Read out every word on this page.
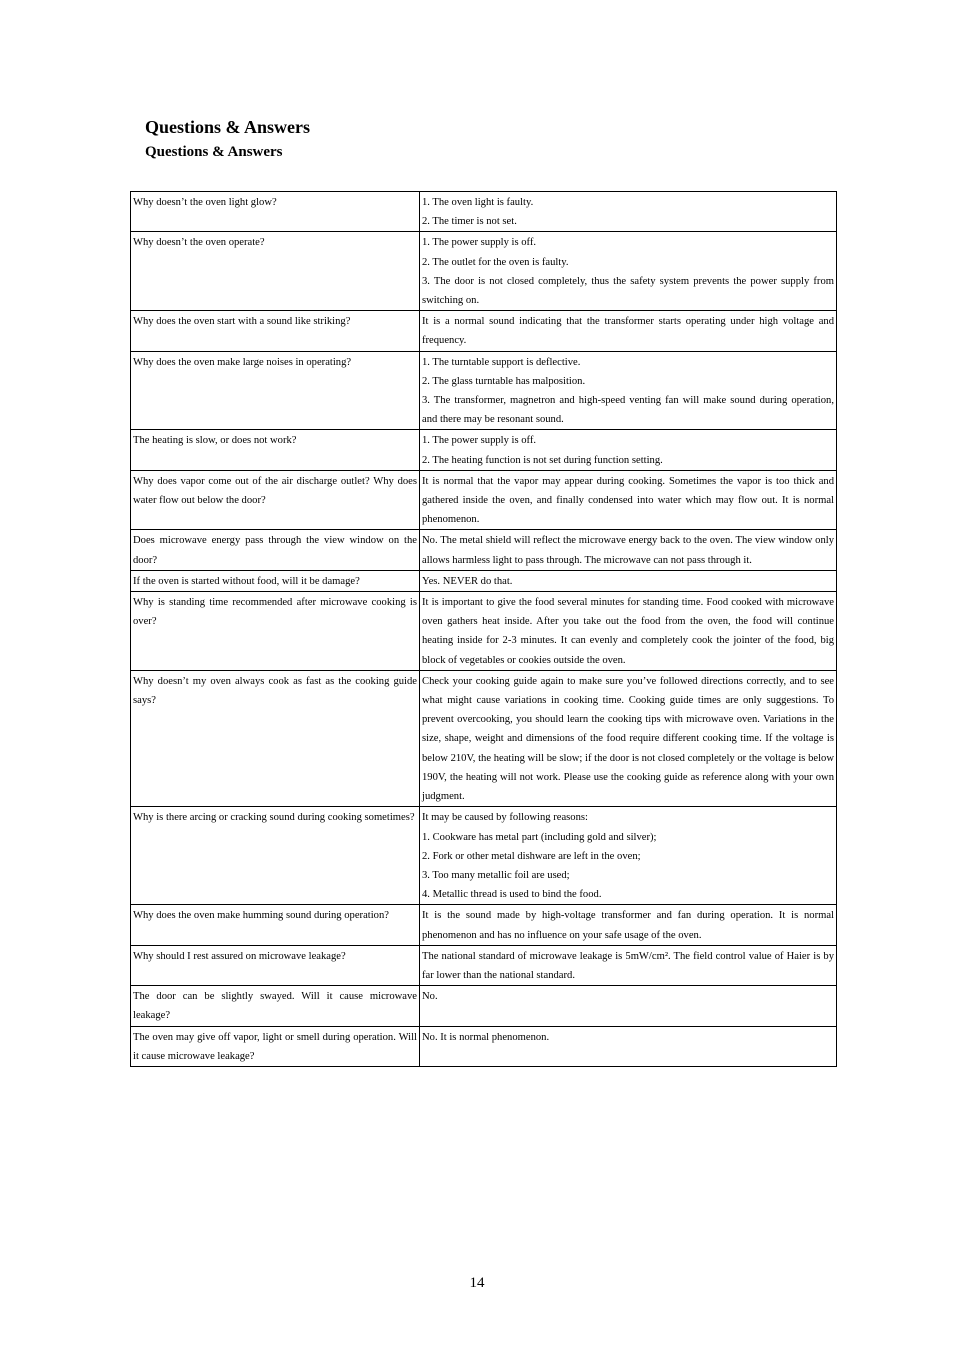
Questions & Answers
Questions & Answers
Why doesn’t the oven light glow?	1. The oven light is faulty.
2. The timer is not set.

Why doesn’t the oven operate?	1. The power supply is off.
2. The outlet for the oven is faulty.
3. The door is not closed completely, thus the safety system prevents the power supply from switching on.

Why does the oven start with a sound like striking?	It is a normal sound indicating that the transformer starts operating under high voltage and frequency.

Why does the oven make large noises in operating?	1. The turntable support is deflective.
2. The glass turntable has malposition.
3. The transformer, magnetron and high-speed venting fan will make sound during operation, and there may be resonant sound.

The heating is slow, or does not work?	1. The power supply is off.
2. The heating function is not set during function setting.

Why does vapor come out of the air discharge outlet? Why does water flow out below the door?	It is normal that the vapor may appear during cooking. Sometimes the vapor is too thick and gathered inside the oven, and finally condensed into water which may flow out. It is normal phenomenon.

Does microwave energy pass through the view window on the door?	No. The metal shield will reflect the microwave energy back to the oven. The view window only allows harmless light to pass through. The microwave can not pass through it.

If the oven is started without food, will it be damage?	Yes. NEVER do that.

Why is standing time recommended after microwave cooking is over?	It is important to give the food several minutes for standing time. Food cooked with microwave oven gathers heat inside. After you take out the food from the oven, the food will continue heating inside for 2-3 minutes. It can evenly and completely cook the jointer of the food, big block of vegetables or cookies outside the oven.

Why doesn’t my oven always cook as fast as the cooking guide says?	Check your cooking guide again to make sure you’ve followed directions correctly, and to see what might cause variations in cooking time. Cooking guide times are only suggestions. To prevent overcooking, you should learn the cooking tips with microwave oven. Variations in the size, shape, weight and dimensions of the food require different cooking time. If the voltage is below 210V, the heating will be slow; if the door is not closed completely or the voltage is below 190V, the heating will not work. Please use the cooking guide as reference along with your own judgment.

Why is there arcing or cracking sound during cooking sometimes?	It may be caused by following reasons:
1. Cookware has metal part (including gold and silver);
2. Fork or other metal dishware are left in the oven;
3. Too many metallic foil are used;
4. Metallic thread is used to bind the food.

Why does the oven make humming sound during operation?	It is the sound made by high-voltage transformer and fan during operation. It is normal phenomenon and has no influence on your safe usage of the oven.

Why should I rest assured on microwave leakage?	The national standard of microwave leakage is 5mW/cm². The field control value of Haier is by far lower than the national standard.

The door can be slightly swayed. Will it cause microwave leakage?	No.

The oven may give off vapor, light or smell during operation. Will it cause microwave leakage?	No. It is normal phenomenon.
14
